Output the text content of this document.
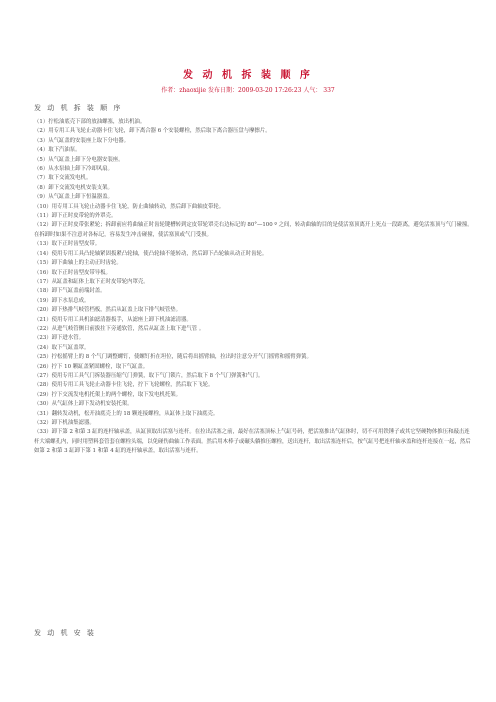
发 动 机 拆 装 顺 序
作者：zhaoxijie 发布日期：2009-03-20 17:26:23 人气： 337
发 动 机 拆 装 顺 序
（1）拧松油底壳下部的放油螺塞，放出机油。
（2）用专用工具飞轮止动器卡住飞轮，卸下离合器 6 个安装螺栓，然后取下离合器压盘与摩擦片。
（3）从气缸盖的安装座上取下分电器。
（4）取下汽油泵。
（5）从气缸盖上卸下分电器安装座。
（6）从水泵轴上卸下冷却风扇。
（7）取下交流发电机。
（8）卸下交流发电机安装支架。
（9）从气缸盖上卸下恒温器盖。
（10）用专用工具飞轮止动器卡住飞轮，防止曲轴转动，然后卸下曲轴皮带轮。
（11）卸下正时皮带轮的外罩壳。
（12）卸下正时皮带张紧轮；拆卸前应将曲轴正时齿轮键槽转到定皮带轮罩壳右边标记的 80°—100 º 之间，转动曲轴的目的是使活塞顶离开上死点一段距离，避免活塞顶与气门碰撞。在拆卸时如果不注意对各标记，容易发生冲击碰撞，使活塞顶或气门受损。
（13）取下正时齿型皮带。
（14）使用专用工具凸轮轴紧固扳紧凸轮轴，使凸轮轴不能转动，然后卸下凸轮轴从动正时齿轮。
（15）卸下曲轴上的主动正时齿轮。
（16）取下正时齿型皮带导板。
（17）从缸盖和缸体上取下正时皮带轮内罩壳。
（18）卸下气缸盖前端封盖。
（19）卸下水泵总成。
（20）卸下热排气岐管档板，然后从缸盖上取下排气岐管垫。
（21）使用专用工具机油滤清器扳手，从滤座上卸下机油滤清器。
（22）从进气岐管侧日前拔拄下旁通软管，然后从缸盖上取下进气管 。
（23）卸下进水管。
（24）取下气缸盖罩。
（25）拧松摇臂上的 8 个气门调整螺钉，使螺钉折在坦位，随后将出摇臂轴，拉出时注意分开气门摇臂和摇臂弹簧。
（26）拧下 10 颗缸盖紧固螺栓，取下气缸盖。
（27）使用专用工具气门拆装器压缩气门弹簧，取下气门锁片，然后取下 8 个气门弹簧和气门。
（28）使用专用工具飞轮止动器卡住飞轮，拧下飞轮螺栓，然后取下飞轮。
（29）拧下交流发电机托架上的两个螺栓，取下发电机托架。
（30）从气缸体上卸下发动机安装托架。
（31）翻转发动机，松开油底壳上的 18 颗连接螺栓，从缸体上取下油底壳。
（32）卸下机油集滤器。
（33）卸下第 2 和第 3 缸的连杆轴承盖，从缸顶取出活塞与连杆。在拉出活塞之前，最好在活塞顶标上气缸号码，把活塞推出气缸体时，切不可用铁锤子或其它坚硬物体推压和敲击连杆大端螺孔内，同时用塑料套管套在螺栓头端，以免碰伤曲轴工作表面。然后用木棒子或碾头躺推压螺栓，送出连杆，取出活塞连杆后，按气缸号把连杆轴承盖和连杆连接在一起，然后如第 2 和第 3 缸卸下第 1 和第 4 缸的连杆轴承盖，取出活塞与连杆。
发 动 机 安 装
